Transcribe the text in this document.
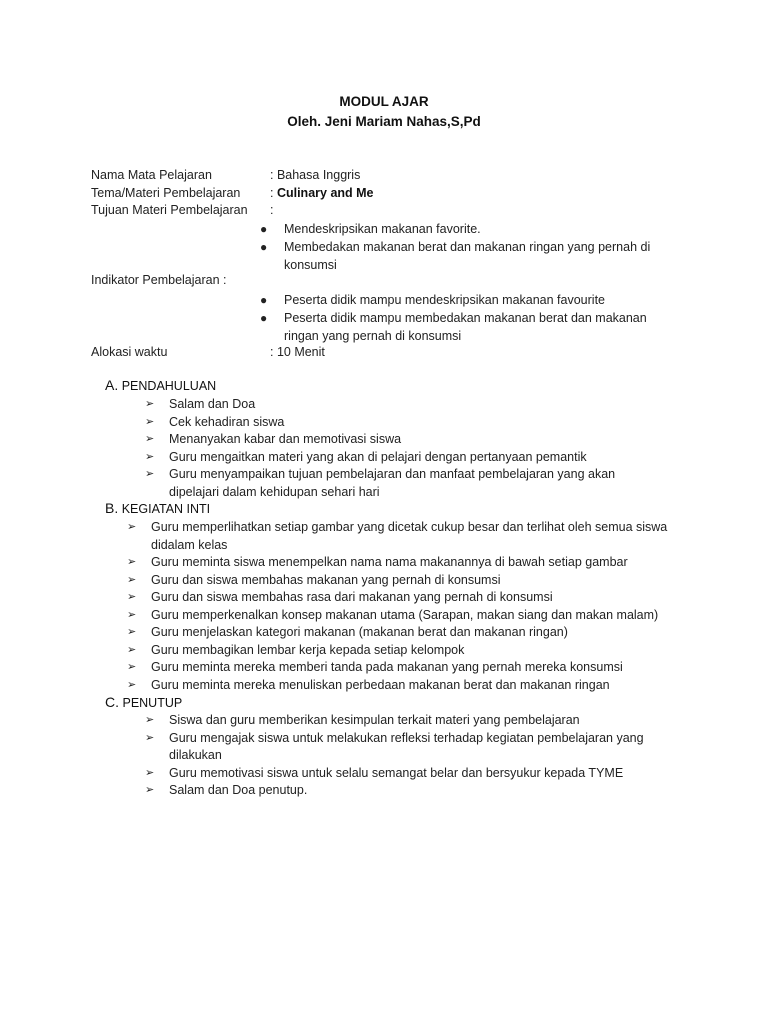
MODUL AJAR
Oleh. Jeni Mariam Nahas,S,Pd
Nama Mata Pelajaran	: Bahasa Inggris
Tema/Materi Pembelajaran : Culinary and Me
Tujuan Materi Pembelajaran :
● Mendeskripsikan makanan favorite.
● Membedakan makanan berat dan makanan ringan yang pernah di konsumsi
Indikator Pembelajaran :
● Peserta didik mampu mendeskripsikan makanan favourite
● Peserta didik mampu membedakan makanan berat dan makanan ringan yang pernah di konsumsi
Alokasi waktu	: 10 Menit
A. PENDAHULUAN
➢ Salam dan Doa
➢ Cek kehadiran siswa
➢ Menanyakan kabar dan memotivasi siswa
➢ Guru mengaitkan materi yang akan di pelajari dengan pertanyaan pemantik
➢ Guru menyampaikan tujuan pembelajaran dan manfaat pembelajaran yang akan dipelajari dalam kehidupan sehari hari
B. KEGIATAN INTI
➢ Guru memperlihatkan setiap gambar yang dicetak cukup besar dan terlihat oleh semua siswa didalam kelas
➢ Guru meminta siswa menempelkan nama nama makanannya di bawah setiap gambar
➢ Guru dan siswa membahas makanan yang pernah di konsumsi
➢ Guru dan siswa membahas rasa dari makanan yang pernah di konsumsi
➢ Guru memperkenalkan konsep makanan utama (Sarapan, makan siang dan makan malam)
➢ Guru menjelaskan kategori makanan (makanan berat dan makanan ringan)
➢ Guru membagikan lembar kerja kepada setiap kelompok
➢ Guru meminta mereka memberi tanda pada makanan yang pernah mereka konsumsi
➢ Guru meminta mereka menuliskan perbedaan makanan berat dan makanan ringan
C. PENUTUP
➢ Siswa dan guru memberikan kesimpulan terkait materi yang pembelajaran
➢ Guru mengajak siswa untuk melakukan refleksi terhadap kegiatan pembelajaran yang dilakukan
➢ Guru memotivasi siswa untuk selalu semangat belar dan bersyukur kepada TYME
➢ Salam dan Doa penutup.
